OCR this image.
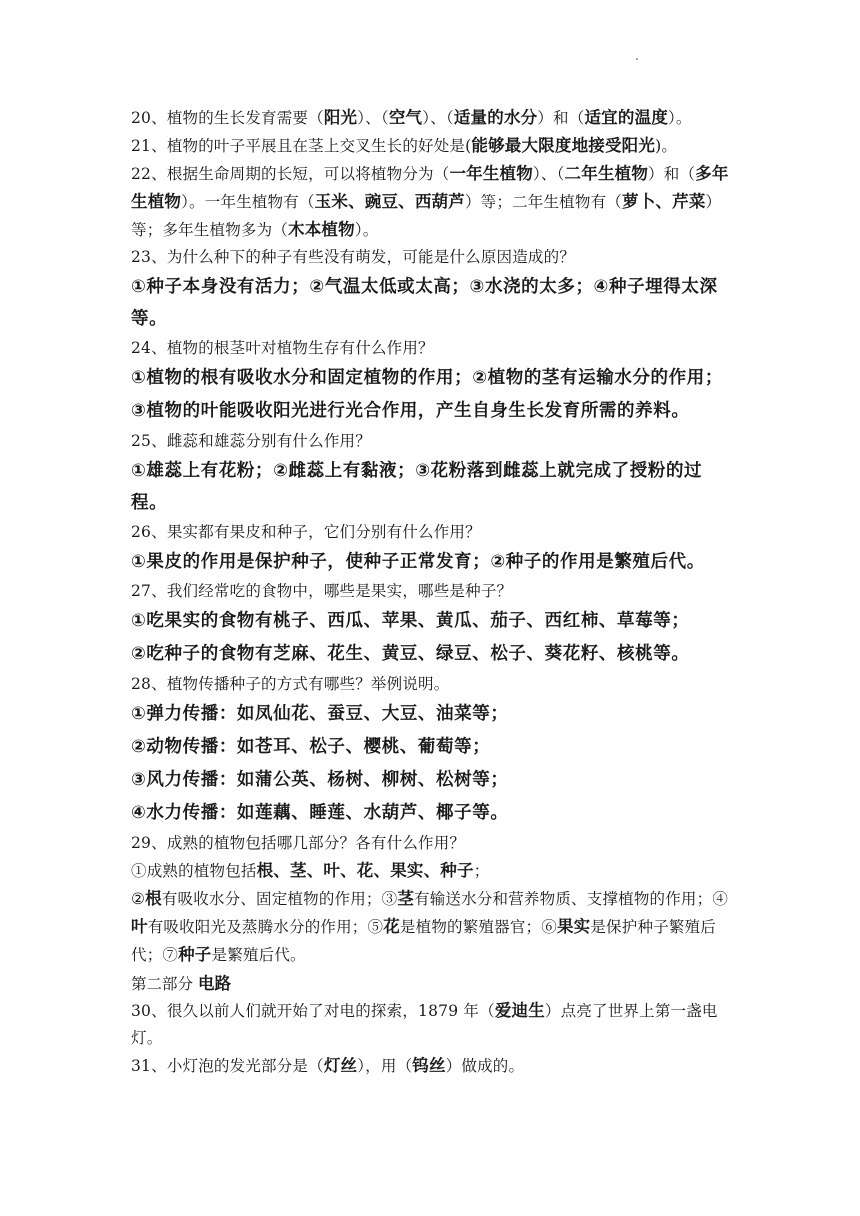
20、植物的生长发育需要（阳光）、（空气）、（适量的水分）和（适宜的温度）。

21、植物的叶子平展且在茎上交叉生长的好处是(能够最大限度地接受阳光)。

22、根据生命周期的长短，可以将植物分为（一年生植物）、（二年生植物）和（多年生植物）。一年生植物有（玉米、豌豆、西葫芦）等；二年生植物有（萝卜、芹菜）等；多年生植物多为（木本植物）。

23、为什么种下的种子有些没有萌发，可能是什么原因造成的？

①种子本身没有活力；②气温太低或太高；③水浇的太多；④种子埋得太深等。

24、植物的根茎叶对植物生存有什么作用？

①植物的根有吸收水分和固定植物的作用；②植物的茎有运输水分的作用；③植物的叶能吸收阳光进行光合作用，产生自身生长发育所需的养料。

25、雌蕊和雄蕊分别有什么作用？

①雄蕊上有花粉；②雌蕊上有黏液；③花粉落到雌蕊上就完成了授粉的过程。

26、果实都有果皮和种子，它们分别有什么作用？

①果皮的作用是保护种子，使种子正常发育；②种子的作用是繁殖后代。

27、我们经常吃的食物中，哪些是果实，哪些是种子？

①吃果实的食物有桃子、西瓜、苹果、黄瓜、茄子、西红柿、草莓等；

②吃种子的食物有芝麻、花生、黄豆、绿豆、松子、葵花籽、核桃等。

28、植物传播种子的方式有哪些？举例说明。

①弹力传播：如凤仙花、蚕豆、大豆、油菜等；

②动物传播：如苍耳、松子、樱桃、葡萄等；

③风力传播：如蒲公英、杨树、柳树、松树等；

④水力传播：如莲藕、睡莲、水葫芦、椰子等。

29、成熟的植物包括哪几部分？各有什么作用？

①成熟的植物包括根、茎、叶、花、果实、种子；

②根有吸收水分、固定植物的作用；③茎有输送水分和营养物质、支撑植物的作用；④叶有吸收阳光及蒸腾水分的作用；⑤花是植物的繁殖器官；⑥果实是保护种子繁殖后代；⑦种子是繁殖后代。

第二部分 电路

30、很久以前人们就开始了对电的探索，1879 年（爱迪生）点亮了世界上第一盏电灯。

31、小灯泡的发光部分是（灯丝），用（钨丝）做成的。
